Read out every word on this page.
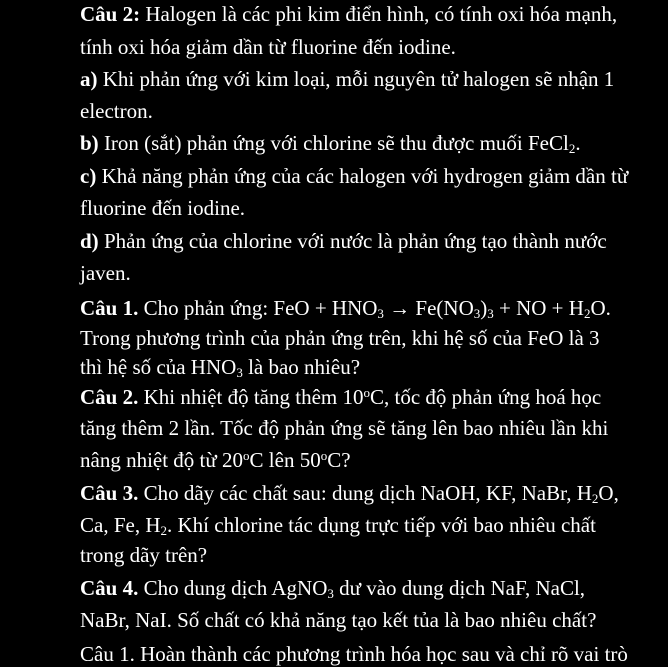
Câu 2: Halogen là các phi kim điển hình, có tính oxi hóa mạnh,
tính oxi hóa giảm dần từ fluorine đến iodine.
a) Khi phản ứng với kim loại, mỗi nguyên tử halogen sẽ nhận 1
electron.
b) Iron (sắt) phản ứng với chlorine sẽ thu được muối FeCl$_2$.
c) Khả năng phản ứng của các halogen với hydrogen giảm dần từ
fluorine đến iodine.
d) Phản ứng của chlorine với nước là phản ứng tạo thành nước
javen.
Câu 1. Cho phản ứng: FeO + $HNO_3 \to Fe(NO_3)_3$ + NO + $H_2O$.
Trong phương trình của phản ứng trên, khi hệ số của FeO là 3
thì hệ số của $HNO_3$ là bao nhiêu?
Câu 2. Khi nhiệt độ tăng thêm 10$^o$C, tốc độ phản ứng hoá học
tăng thêm 2 lần. Tốc độ phản ứng sẽ tăng lên bao nhiêu lần khi
nâng nhiệt độ từ 20$^o$C lên 50$^o$C?
Câu 3. Cho dãy các chất sau: dung dịch NaOH, KF, NaBr, $H_2O$,
Ca, Fe, $H_2$. Khí chlorine tác dụng trực tiếp với bao nhiêu chất
trong dãy trên?
Câu 4. Cho dung dịch AgNO$_3$ dư vào dung dịch NaF, NaCl,
NaBr, NaI. Số chất có khả năng tạo kết tủa là bao nhiêu chất?
Câu 1. Hoàn thành các phương trình hóa học sau và chỉ rõ vai trò
